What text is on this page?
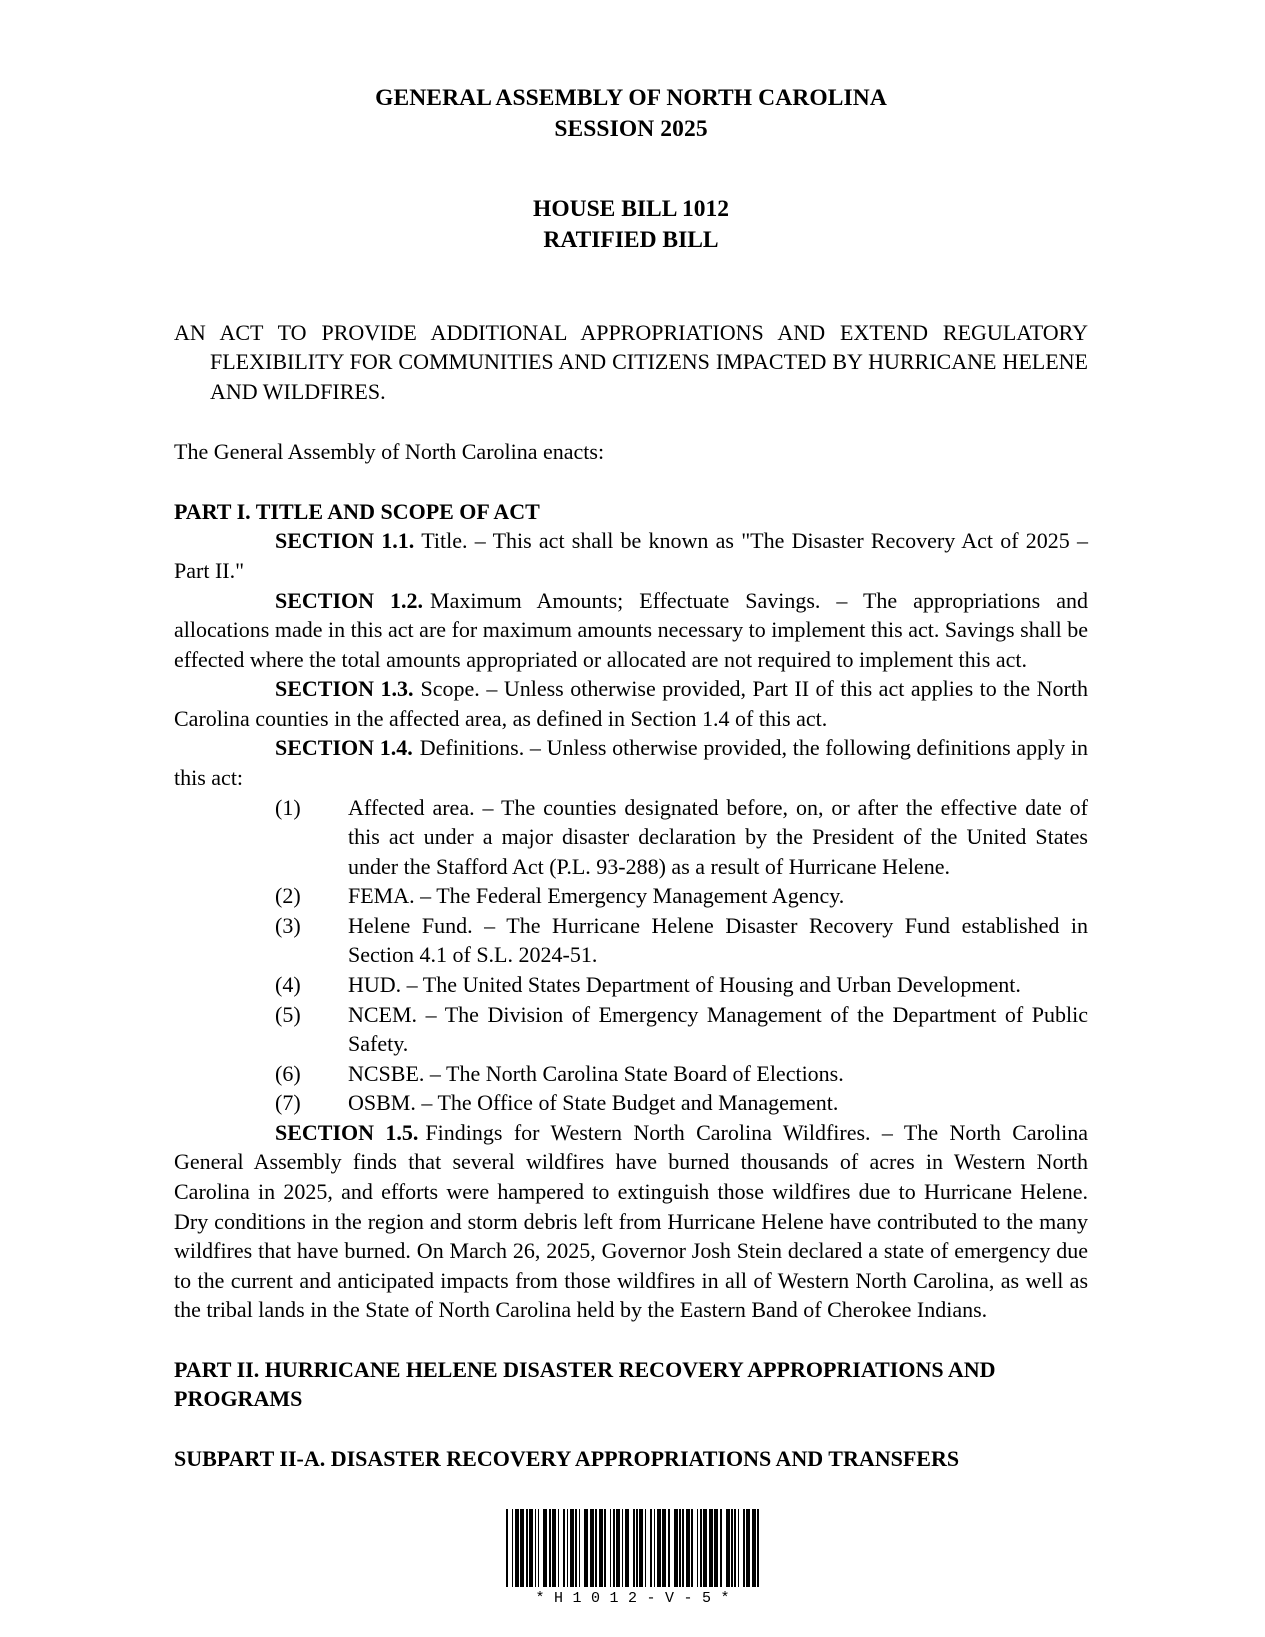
GENERAL ASSEMBLY OF NORTH CAROLINA
SESSION 2025
HOUSE BILL 1012
RATIFIED BILL
AN ACT TO PROVIDE ADDITIONAL APPROPRIATIONS AND EXTEND REGULATORY FLEXIBILITY FOR COMMUNITIES AND CITIZENS IMPACTED BY HURRICANE HELENE AND WILDFIRES.
The General Assembly of North Carolina enacts:
PART I. TITLE AND SCOPE OF ACT

SECTION 1.1. Title. – This act shall be known as "The Disaster Recovery Act of 2025 – Part II."

SECTION 1.2. Maximum Amounts; Effectuate Savings. – The appropriations and allocations made in this act are for maximum amounts necessary to implement this act. Savings shall be effected where the total amounts appropriated or allocated are not required to implement this act.

SECTION 1.3. Scope. – Unless otherwise provided, Part II of this act applies to the North Carolina counties in the affected area, as defined in Section 1.4 of this act.

SECTION 1.4. Definitions. – Unless otherwise provided, the following definitions apply in this act:

(1)	Affected area. – The counties designated before, on, or after the effective date of this act under a major disaster declaration by the President of the United States under the Stafford Act (P.L. 93-288) as a result of Hurricane Helene.
(2)	FEMA. – The Federal Emergency Management Agency.
(3)	Helene Fund. – The Hurricane Helene Disaster Recovery Fund established in Section 4.1 of S.L. 2024-51.
(4)	HUD. – The United States Department of Housing and Urban Development.
(5)	NCEM. – The Division of Emergency Management of the Department of Public Safety.
(6)	NCSBE. – The North Carolina State Board of Elections.
(7)	OSBM. – The Office of State Budget and Management.

SECTION 1.5. Findings for Western North Carolina Wildfires. – The North Carolina General Assembly finds that several wildfires have burned thousands of acres in Western North Carolina in 2025, and efforts were hampered to extinguish those wildfires due to Hurricane Helene. Dry conditions in the region and storm debris left from Hurricane Helene have contributed to the many wildfires that have burned. On March 26, 2025, Governor Josh Stein declared a state of emergency due to the current and anticipated impacts from those wildfires in all of Western North Carolina, as well as the tribal lands in the State of North Carolina held by the Eastern Band of Cherokee Indians.

PART II. HURRICANE HELENE DISASTER RECOVERY APPROPRIATIONS AND
PROGRAMS
SUBPART II-A. DISASTER RECOVERY APPROPRIATIONS AND TRANSFERS
*H1012-V-5*
